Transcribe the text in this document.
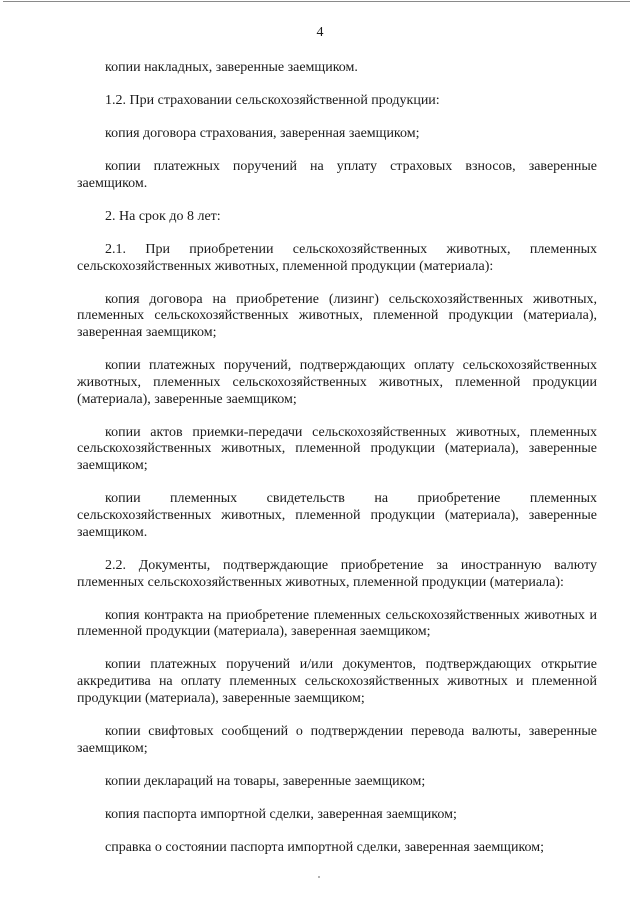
4

копии накладных, заверенные заемщиком.

1.2. При страховании сельскохозяйственной продукции:

копия договора страхования, заверенная заемщиком;

копии платежных поручений на уплату страховых взносов, заверенные заемщиком.

2. На срок до 8 лет:

2.1. При приобретении сельскохозяйственных животных, племенных сельскохозяйственных животных, племенной продукции (материала):

копия договора на приобретение (лизинг) сельскохозяйственных животных, племенных сельскохозяйственных животных, племенной продукции (материала), заверенная заемщиком;

копии платежных поручений, подтверждающих оплату сельскохозяйственных животных, племенных сельскохозяйственных животных, племенной продукции (материала), заверенные заемщиком;

копии актов приемки-передачи сельскохозяйственных животных, племенных сельскохозяйственных животных, племенной продукции (материала), заверенные заемщиком;

копии племенных свидетельств на приобретение племенных сельскохозяйственных животных, племенной продукции (материала), заверенные заемщиком.

2.2. Документы, подтверждающие приобретение за иностранную валюту племенных сельскохозяйственных животных, племенной продукции (материала):

копия контракта на приобретение племенных сельскохозяйственных животных и племенной продукции (материала), заверенная заемщиком;

копии платежных поручений и/или документов, подтверждающих открытие аккредитива на оплату племенных сельскохозяйственных животных и племенной продукции (материала), заверенные заемщиком;

копии свифтовых сообщений о подтверждении перевода валюты, заверенные заемщиком;

копии деклараций на товары, заверенные заемщиком;

копия паспорта импортной сделки, заверенная заемщиком;

справка о состоянии паспорта импортной сделки, заверенная заемщиком;
